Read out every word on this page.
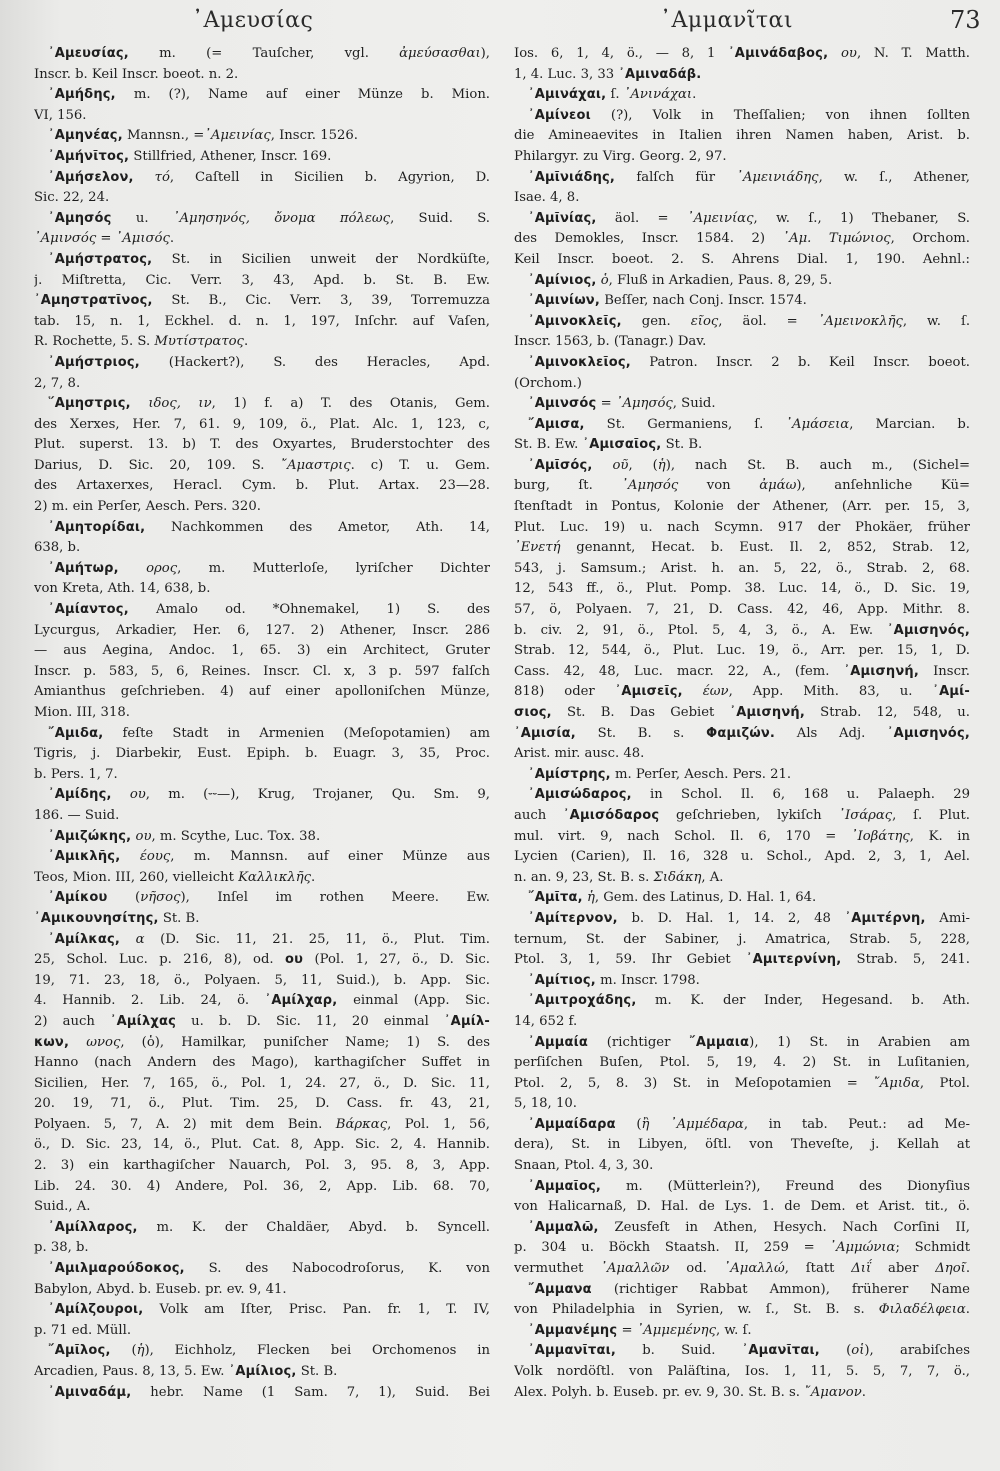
᾿Αμευσίας	᾿Αμμανῖται	73
᾿Αμευσίας, m. (= Tauſcher, vgl. ἀμεύσασθαι),
Inscr. b. Keil Inscr. boeot. n. 2.
᾿Αμήδης, m. (?), Name auf einer Münze b. Mion.
VI, 156.
᾿Αμηνέας, Mannsn., =᾿Αμεινίας, Inscr. 1526.
᾿Αμήνῖτος, Stillfried, Athener, Inscr. 169.
᾿Αμήσελον, τό, Caſtell in Sicilien b. Agyrion, D.
Sic. 22, 24.
᾿Αμησός u. ᾿Αμησηνός, ὄνομα πόλεως, Suid. S.
᾿Αμινσός = ᾿Αμισός.
᾿Αμήστρατος, St. in Sicilien unweit der Nordküſte,
j. Miſtretta, Cic. Verr. 3, 43, Apd. b. St. B. Ew.
᾿Αμηστρατῖνος, St. B., Cic. Verr. 3, 39, Torremuzza
tab. 15, n. 1, Eckhel. d. n. 1, 197, Inſchr. auf Vaſen,
R. Rochette, 5. S. Μυτίστρατος.
᾿Αμήστριος, (Hackert?), S. des Heracles, Apd.
2, 7, 8.
῞Αμηστρις, ιδος, ιν, 1) f. a) T. des Otanis, Gem.
des Xerxes, Her. 7, 61. 9, 109, ö., Plat. Alc. 1, 123, c,
Plut. superst. 13. b) T. des Oxyartes, Bruderstochter des
Darius, D. Sic. 20, 109. S. ῎Αμαστρις. c) T. u. Gem.
des Artaxerxes, Heracl. Cym. b. Plut. Artax. 23—28.
2) m. ein Perſer, Aesch. Pers. 320.
᾿Αμητορίδαι, Nachkommen des Ametor, Ath. 14,
638, b.
᾿Αμήτωρ, ορος, m. Mutterloſe, lyriſcher Dichter
von Kreta, Ath. 14, 638, b.
᾿Αμίαντος, Amalo od. *Ohnemakel, 1) S. des
Lycurgus, Arkadier, Her. 6, 127. 2) Athener, Inscr. 286
— aus Aegina, Andoc. 1, 65. 3) ein Architect, Gruter
Inscr. p. 583, 5, 6, Reines. Inscr. Cl. x, 3 p. 597 falſch
Amianthus geſchrieben. 4) auf einer apolloniſchen Münze,
Mion. III, 318.
῎Αμιδα, feſte Stadt in Armenien (Meſopotamien) am
Tigris, j. Diarbekir, Eust. Epiph. b. Euagr. 3, 35, Proc.
b. Pers. 1, 7.
᾿Αμίδης, ου, m. (⏑⏑—), Krug, Trojaner, Qu. Sm. 9,
186. — Suid.
᾿Αμιζώκης, ου, m. Scythe, Luc. Tox. 38.
᾿Αμικλῆς, έους, m. Mannsn. auf einer Münze aus
Teos, Mion. III, 260, vielleicht Καλλικλῆς.
᾿Αμίκου (νῆσος), Inſel im rothen Meere. Ew.
᾿Αμικουνησίτης, St. B.
᾿Αμίλκας, α (D. Sic. 11, 21. 25, 11, ö., Plut. Tim.
25, Schol. Luc. p. 216, 8), od. ου (Pol. 1, 27, ö., D. Sic.
19, 71. 23, 18, ö., Polyaen. 5, 11, Suid.), b. App. Sic.
4. Hannib. 2. Lib. 24, ö. ᾿Αμίλχαρ, einmal (App. Sic.
2) auch ᾿Αμίλχας u. b. D. Sic. 11, 20 einmal ᾿Αμίλ-
κων, ωνος, (ὁ), Hamilkar, puniſcher Name; 1) S. des
Hanno (nach Andern des Mago), karthagiſcher Suffet in
Sicilien, Her. 7, 165, ö., Pol. 1, 24. 27, ö., D. Sic. 11,
20. 19, 71, ö., Plut. Tim. 25, D. Cass. fr. 43, 21,
Polyaen. 5, 7, A. 2) mit dem Bein. Βάρκας, Pol. 1, 56,
ö., D. Sic. 23, 14, ö., Plut. Cat. 8, App. Sic. 2, 4. Hannib.
2. 3) ein karthagiſcher Nauarch, Pol. 3, 95. 8, 3, App.
Lib. 24. 30. 4) Andere, Pol. 36, 2, App. Lib. 68. 70,
Suid., A.
᾿Αμίλλαρος, m. K. der Chaldäer, Abyd. b. Syncell.
p. 38, b.
᾿Αμιλμαρούδοκος, S. des Nabocodroſorus, K. von
Babylon, Abyd. b. Euseb. pr. ev. 9, 41.
᾿Αμίλζουροι, Volk am Iſter, Prisc. Pan. fr. 1, T. IV,
p. 71 ed. Müll.
῎Αμῖλος, (ἡ), Eichholz, Flecken bei Orchomenos in
Arcadien, Paus. 8, 13, 5. Ew. ᾿Αμίλιος, St. B.
᾿Αμιναδάμ, hebr. Name (1 Sam. 7, 1), Suid. Bei
Ios. 6, 1, 4, ö., — 8, 1 ᾿Αμινάδαβος, ου, N. T. Matth.
1, 4. Luc. 3, 33 ᾿Αμιναδάβ.
᾿Αμινάχαι, ſ. ᾿Ανινάχαι.
᾿Αμίνεοι (?), Volk in Theſſalien; von ihnen ſollten
die Amineaevites in Italien ihren Namen haben, Arist. b.
Philargyr. zu Virg. Georg. 2, 97.
᾿Αμῖνιάδης, falſch für ᾿Αμεινιάδης, w. ſ., Athener,
Isae. 4, 8.
᾿Αμῖνίας, äol. = ᾿Αμεινίας, w. ſ., 1) Thebaner, S.
des Demokles, Inscr. 1584. 2) ᾿Αμ. Τιμώνιος, Orchom.
Keil Inscr. boeot. 2. S. Ahrens Dial. 1, 190. Aehnl.:
᾿Αμίνιος, ὁ, Fluß in Arkadien, Paus. 8, 29, 5.
᾿Αμινίων, Beſſer, nach Conj. Inscr. 1574.
᾿Αμινοκλεῖς, gen. εῖος, äol. = ᾿Αμεινοκλῆς, w. ſ.
Inscr. 1563, b. (Tanagr.) Dav.
᾿Αμινοκλεῖος, Patron. Inscr. 2 b. Keil Inscr. boeot.
(Orchom.)
᾿Αμινσός = ᾿Αμησός, Suid.
῎Αμισα, St. Germaniens, ſ. ᾿Αμάσεια, Marcian. b.
St. B. Ew. ᾿Αμισαῖος, St. B.
᾿Αμῖσός, οῦ, (ἡ), nach St. B. auch m., (Sichel=
burg, ſt. ᾿Αμησός von ἀμάω), anſehnliche Kü=
ſtenſtadt in Pontus, Kolonie der Athener, (Arr. per. 15, 3,
Plut. Luc. 19) u. nach Scymn. 917 der Phokäer, früher
᾿Ενετή genannt, Hecat. b. Eust. Il. 2, 852, Strab. 12,
543, j. Samsum.; Arist. h. an. 5, 22, ö., Strab. 2, 68.
12, 543 ff., ö., Plut. Pomp. 38. Luc. 14, ö., D. Sic. 19,
57, ö, Polyaen. 7, 21, D. Cass. 42, 46, App. Mithr. 8.
b. civ. 2, 91, ö., Ptol. 5, 4, 3, ö., A. Ew. ᾿Αμισηνός,
Strab. 12, 544, ö., Plut. Luc. 19, ö., Arr. per. 15, 1, D.
Cass. 42, 48, Luc. macr. 22, A., (fem. ᾿Αμισηνή, Inscr.
818) oder ᾿Αμισεῖς, έων, App. Mith. 83, u. ᾿Αμί-
σιος, St. B. Das Gebiet ᾿Αμισηνή, Strab. 12, 548, u.
᾿Αμισία, St. B. s. Φαμιζών. Als Adj. ᾿Αμισηνός,
Arist. mir. ausc. 48.
᾿Αμίστρης, m. Perſer, Aesch. Pers. 21.
᾿Αμισώδαρος, in Schol. Il. 6, 168 u. Palaeph. 29
auch ᾿Αμισόδαρος geſchrieben, lykiſch ᾿Ισάρας, ſ. Plut.
mul. virt. 9, nach Schol. Il. 6, 170 = ᾿Ιοβάτης, K. in
Lycien (Carien), Il. 16, 328 u. Schol., Apd. 2, 3, 1, Ael.
n. an. 9, 23, St. B. s. Σιδάκη, A.
῎Αμῖτα, ἡ, Gem. des Latinus, D. Hal. 1, 64.
᾿Αμίτερνον, b. D. Hal. 1, 14. 2, 48 ᾿Αμιτέρνη, Ami-
ternum, St. der Sabiner, j. Amatrica, Strab. 5, 228,
Ptol. 3, 1, 59. Ihr Gebiet ᾿Αμιτερνίνη, Strab. 5, 241.
᾿Αμίτιος, m. Inscr. 1798.
᾿Αμιτροχάδης, m. K. der Inder, Hegesand. b. Ath.
14, 652 f.
᾿Αμμαία (richtiger ῎Αμμαια), 1) St. in Arabien am
perſiſchen Buſen, Ptol. 5, 19, 4. 2) St. in Luſitanien,
Ptol. 2, 5, 8. 3) St. in Meſopotamien = ῎Αμιδα, Ptol.
5, 18, 10.
᾿Αμμαίδαρα (ἢ ᾿Αμμέδαρα, in tab. Peut.: ad Me-
dera), St. in Libyen, öſtl. von Theveſte, j. Kellah at
Snaan, Ptol. 4, 3, 30.
᾿Αμμαῖος, m. (Mütterlein?), Freund des Dionyſius
von Halicarnaß, D. Hal. de Lys. 1. de Dem. et Arist. tit., ö.
᾿Αμμαλῶ, Zeusfeſt in Athen, Hesych. Nach Corſini II,
p. 304 u. Böckh Staatsh. II, 259 = ᾿Αμμώνια; Schmidt
vermuthet ᾿Αμαλλῶν od. ᾿Αμαλλώ, ſtatt Διΐ aber Δηοῖ.
῎Αμμανα (richtiger Rabbat Ammon), früherer Name
von Philadelphia in Syrien, w. ſ., St. B. s. Φιλαδέλφεια.
᾿Αμμανέμης = ᾿Αμμεμένης, w. ſ.
᾿Αμμανῖται, b. Suid. ᾿Αμανῖται, (οἱ), arabiſches
Volk nordöſtl. von Paläſtina, Ios. 1, 11, 5. 5, 7, 7, ö.,
Alex. Polyh. b. Euseb. pr. ev. 9, 30. St. B. s. ῎Αμανον.
